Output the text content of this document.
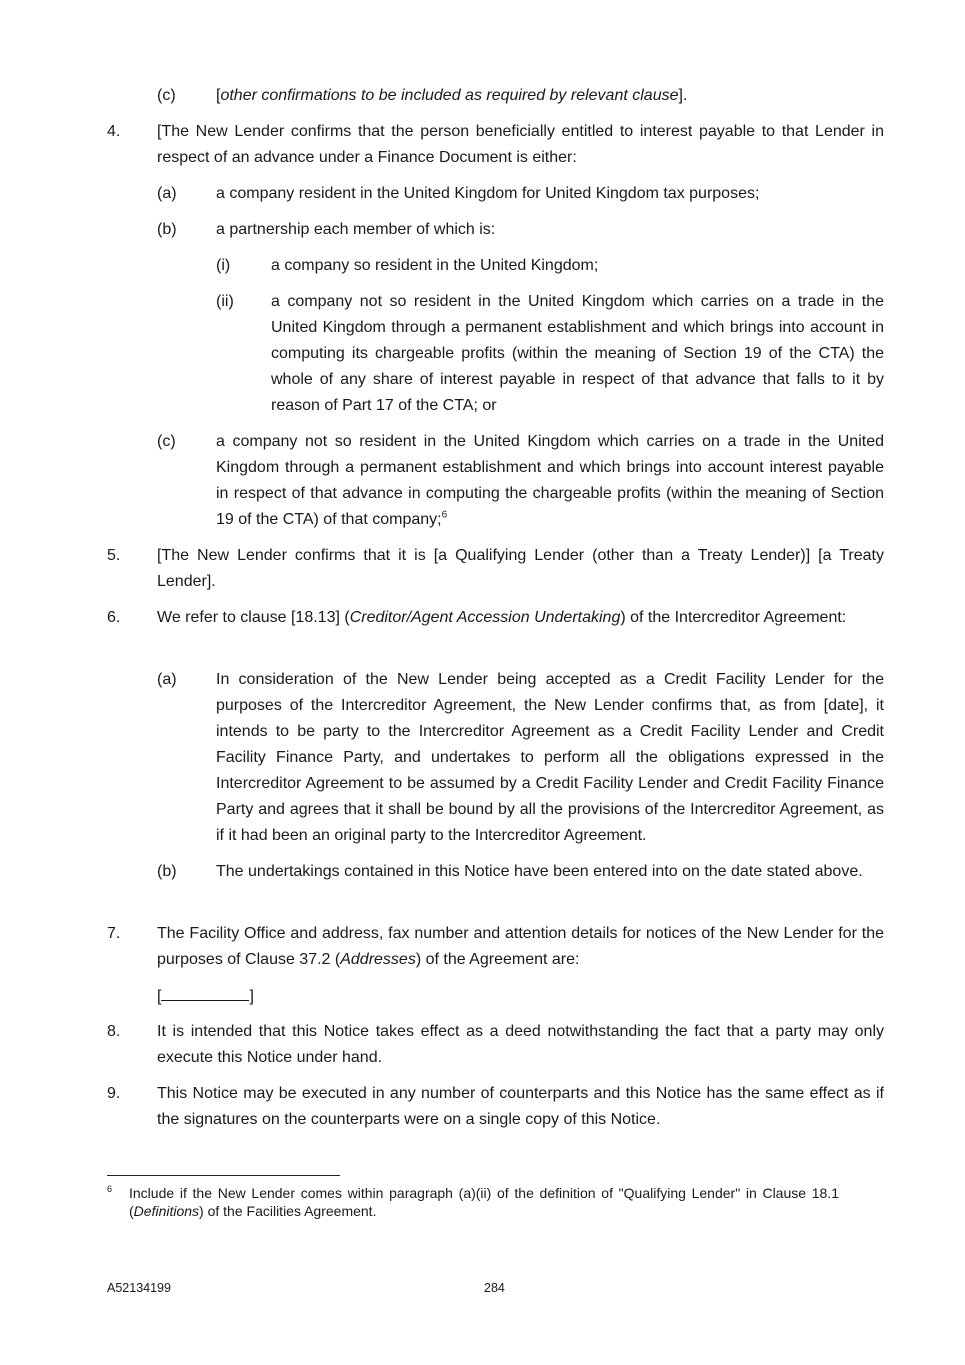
(c)	[other confirmations to be included as required by relevant clause].
4. [The New Lender confirms that the person beneficially entitled to interest payable to that Lender in respect of an advance under a Finance Document is either:
(a) a company resident in the United Kingdom for United Kingdom tax purposes;
(b) a partnership each member of which is:
(i)	a company so resident in the United Kingdom;
(ii) a company not so resident in the United Kingdom which carries on a trade in the United Kingdom through a permanent establishment and which brings into account in computing its chargeable profits (within the meaning of Section 19 of the CTA) the whole of any share of interest payable in respect of that advance that falls to it by reason of Part 17 of the CTA; or
(c)	a company not so resident in the United Kingdom which carries on a trade in the United Kingdom through a permanent establishment and which brings into account interest payable in respect of that advance in computing the chargeable profits (within the meaning of Section 19 of the CTA) of that company;$^6$
5. [The New Lender confirms that it is [a Qualifying Lender (other than a Treaty Lender)] [a Treaty Lender].
6. We refer to clause [18.13] (Creditor/Agent Accession Undertaking) of the Intercreditor Agreement:
(a) In consideration of the New Lender being accepted as a Credit Facility Lender for the purposes of the Intercreditor Agreement, the New Lender confirms that, as from [date], it intends to be party to the Intercreditor Agreement as a Credit Facility Lender and Credit Facility Finance Party, and undertakes to perform all the obligations expressed in the Intercreditor Agreement to be assumed by a Credit Facility Lender and Credit Facility Finance Party and agrees that it shall be bound by all the provisions of the Intercreditor Agreement, as if it had been an original party to the Intercreditor Agreement.
(b) The undertakings contained in this Notice have been entered into on the date stated above.
7. The Facility Office and address, fax number and attention details for notices of the New Lender for the purposes of Clause 37.2 (Addresses) of the Agreement are:
[	]
8. It is intended that this Notice takes effect as a deed notwithstanding the fact that a party may only execute this Notice under hand.
9. This Notice may be executed in any number of counterparts and this Notice has the same effect as if the signatures on the counterparts were on a single copy of this Notice.
6 Include if the New Lender comes within paragraph (a)(ii) of the definition of "Qualifying Lender" in Clause 18.1 (Definitions) of the Facilities Agreement.
A52134199	284
